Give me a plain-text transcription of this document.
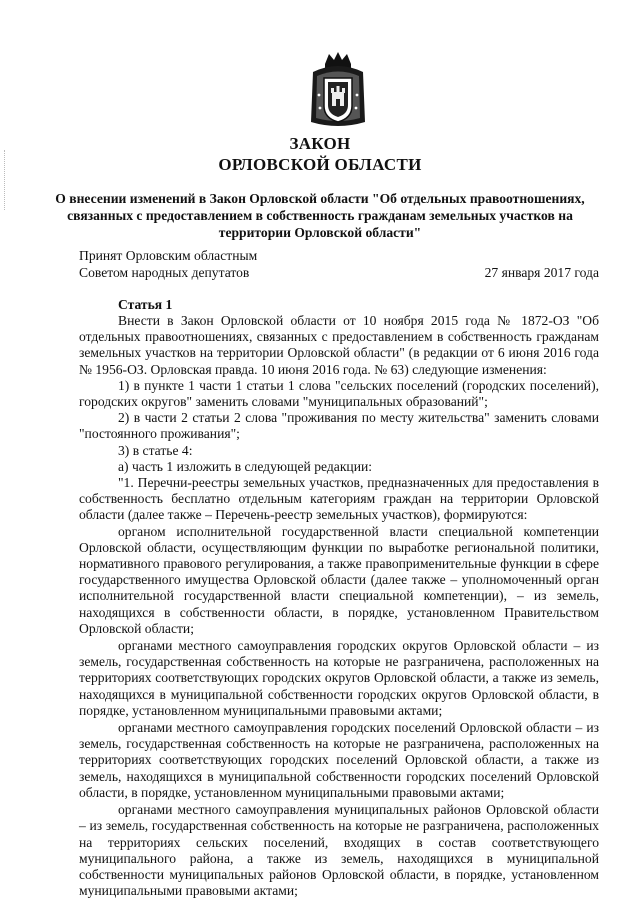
ЗАКОН
ОРЛОВСКОЙ ОБЛАСТИ
О внесении изменений в Закон Орловской области "Об отдельных правоотношениях, связанных с предоставлением в собственность гражданам земельных участков на территории Орловской области"
Принят Орловским областным
Советом народных депутатов	27 января 2017 года
Статья 1

Внести в Закон Орловской области от 10 ноября 2015 года № 1872-ОЗ "Об отдельных правоотношениях, связанных с предоставлением в собственность гражданам земельных участков на территории Орловской области" (в редакции от 6 июня 2016 года № 1956-ОЗ. Орловская правда. 10 июня 2016 года. № 63) следующие изменения:

1) в пункте 1 части 1 статьи 1 слова "сельских поселений (городских поселений), городских округов" заменить словами "муниципальных образований";

2) в части 2 статьи 2 слова "проживания по месту жительства" заменить словами "постоянного проживания";

3) в статье 4:

а) часть 1 изложить в следующей редакции:

"1. Перечни-реестры земельных участков, предназначенных для предоставления в собственность бесплатно отдельным категориям граждан на территории Орловской области (далее также – Перечень-реестр земельных участков), формируются:

органом исполнительной государственной власти специальной компетенции Орловской области, осуществляющим функции по выработке региональной политики, нормативного правового регулирования, а также правоприменительные функции в сфере государственного имущества Орловской области (далее также – уполномоченный орган исполнительной государственной власти специальной компетенции), – из земель, находящихся в собственности области, в порядке, установленном Правительством Орловской области;

органами местного самоуправления городских округов Орловской области – из земель, государственная собственность на которые не разграничена, расположенных на территориях соответствующих городских округов Орловской области, а также из земель, находящихся в муниципальной собственности городских округов Орловской области, в порядке, установленном муниципальными правовыми актами;

органами местного самоуправления городских поселений Орловской области – из земель, государственная собственность на которые не разграничена, расположенных на территориях соответствующих городских поселений Орловской области, а также из земель, находящихся в муниципальной собственности городских поселений Орловской области, в порядке, установленном муниципальными правовыми актами;

органами местного самоуправления муниципальных районов Орловской области – из земель, государственная собственность на которые не разграничена, расположенных на территориях сельских поселений, входящих в состав соответствующего муниципального района, а также из земель, находящихся в муниципальной собственности муниципальных районов Орловской области, в порядке, установленном муниципальными правовыми актами;
